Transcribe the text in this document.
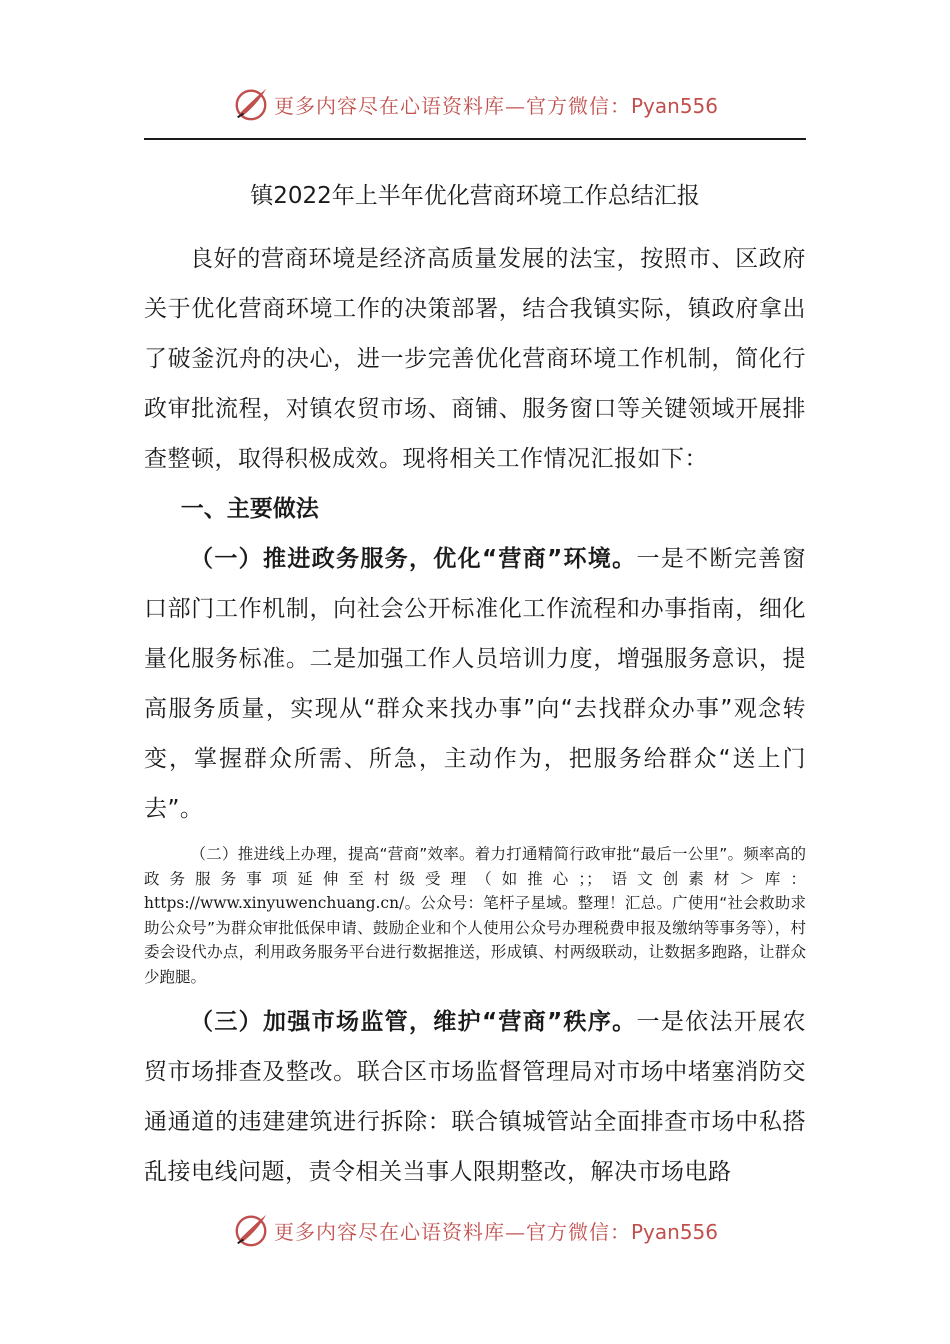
更多内容尽在心语资料库—官方微信：Pyan556
镇2022年上半年优化营商环境工作总结汇报

良好的营商环境是经济高质量发展的法宝，按照市、区政府关于优化营商环境工作的决策部署，结合我镇实际，镇政府拿出了破釜沉舟的决心，进一步完善优化营商环境工作机制，简化行政审批流程，对镇农贸市场、商铺、服务窗口等关键领域开展排查整顿，取得积极成效。现将相关工作情况汇报如下：

一、主要做法

（一）推进政务服务，优化“营商”环境。一是不断完善窗口部门工作机制，向社会公开标准化工作流程和办事指南，细化量化服务标准。二是加强工作人员培训力度，增强服务意识，提高服务质量，实现从“群众来找办事”向“去找群众办事”观念转变，掌握群众所需、所急，主动作为，把服务给群众“送上门去”。

（二）推进线上办理，提高“营商”效率。着力打通精简行政审批“最后一公里”。频率高的政务服务事项延伸至村级受理（如推心；；语文创素材＞库：https://www.xinyuwenchuang.cn/。公众号：笔杆子星域。整理！汇总。广使用“社会救助求助公众号”为群众审批低保申请、鼓励企业和个人使用公众号办理税费申报及缴纳等事务等），村委会设代办点，利用政务服务平台进行数据推送，形成镇、村两级联动，让数据多跑路，让群众少跑腿。

（三）加强市场监管，维护“营商”秩序。一是依法开展农贸市场排查及整改。联合区市场监督管理局对市场中堵塞消防交通通道的违建建筑进行拆除：联合镇城管站全面排查市场中私搭乱接电线问题，责令相关当事人限期整改，解决市场电路

更多内容尽在心语资料库—官方微信：Pyan556
